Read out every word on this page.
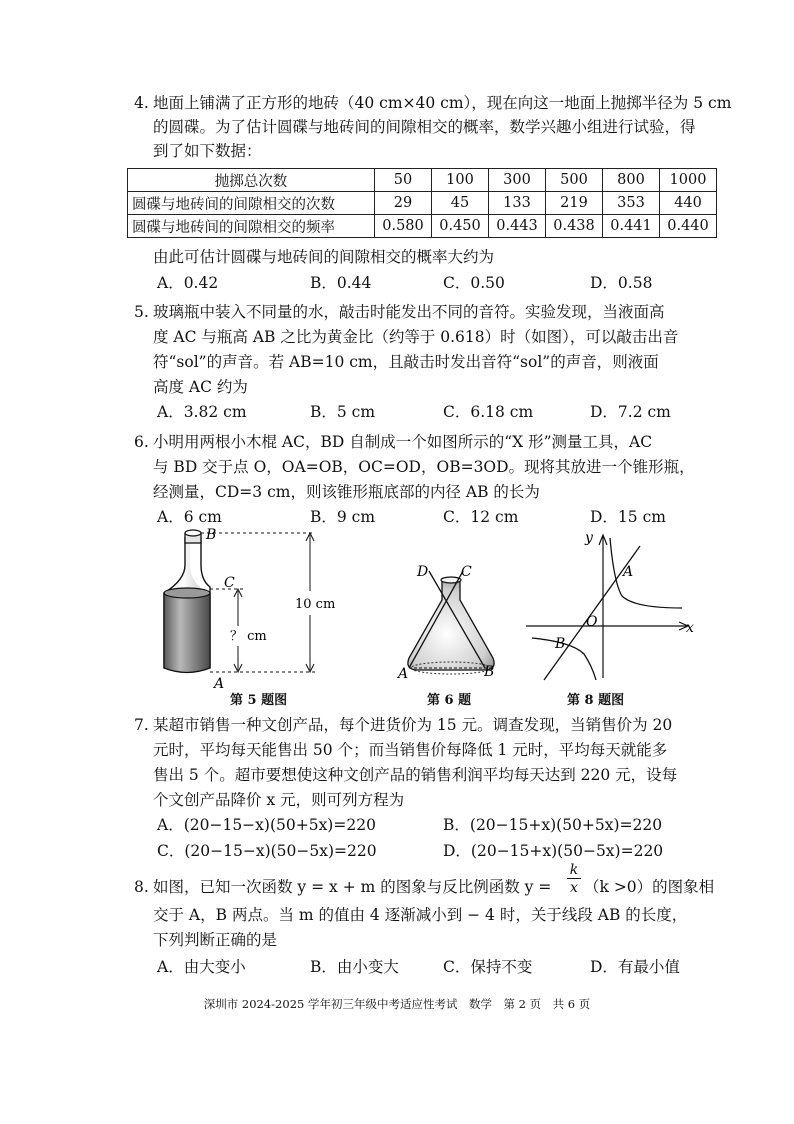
4. 地面上铺满了正方形的地砖（40 cm×40 cm），现在向这一地面上抛掷半径为 5 cm
的圆碟。为了估计圆碟与地砖间的间隙相交的概率，数学兴趣小组进行试验，得
到了如下数据：
抛掷总次数	50	100	300	500	800	1000
圆碟与地砖间的间隙相交的次数	29	45	133	219	353	440
圆碟与地砖间的间隙相交的频率	0.580	0.450	0.443	0.438	0.441	0.440
由此可估计圆碟与地砖间的间隙相交的概率大约为
A．0.42	B．0.44	C．0.50	D．0.58
5. 玻璃瓶中装入不同量的水，敲击时能发出不同的音符。实验发现，当液面高
度 AC 与瓶高 AB 之比为黄金比（约等于 0.618）时（如图），可以敲击出音
符“sol”的声音。若 AB=10 cm，且敲击时发出音符“sol”的声音，则液面
高度 AC 约为
A．3.82 cm	B．5 cm	C．6.18 cm	D．7.2 cm
6. 小明用两根小木棍 AC，BD 自制成一个如图所示的“X 形”测量工具，AC
与 BD 交于点 O，OA=OB，OC=OD，OB=3OD。现将其放进一个锥形瓶，
经测量，CD=3 cm，则该锥形瓶底部的内径 AB 的长为
A．6 cm	B．9 cm	C．12 cm	D．15 cm
B
C
A
？ cm
10 cm
第 5 题图
D C
A	B
第 6 题
y
x
O
A
B
第 8 题图
7. 某超市销售一种文创产品，每个进货价为 15 元。调查发现，当销售价为 20
元时，平均每天能售出 50 个；而当销售价每降低 1 元时，平均每天就能多
售出 5 个。超市要想使这种文创产品的销售利润平均每天达到 220 元，设每
个文创产品降价 x 元，则可列方程为
A．(20−15−x)(50+5x)=220	B．(20−15+x)(50+5x)=220
C．(20−15−x)(50−5x)=220	D．(20−15+x)(50−5x)=220
8. 如图，已知一次函数 y = x + m 的图象与反比例函数 y =
k
x （k >0）的图象相
交于 A，B 两点。当 m 的值由 4 逐渐减小到 − 4 时，关于线段 AB 的长度，
下列判断正确的是
A．由大变小	B．由小变大	C．保持不变	D．有最小值
深圳市 2024-2025 学年初三年级中考适应性考试　数学　第 2 页　共 6 页
